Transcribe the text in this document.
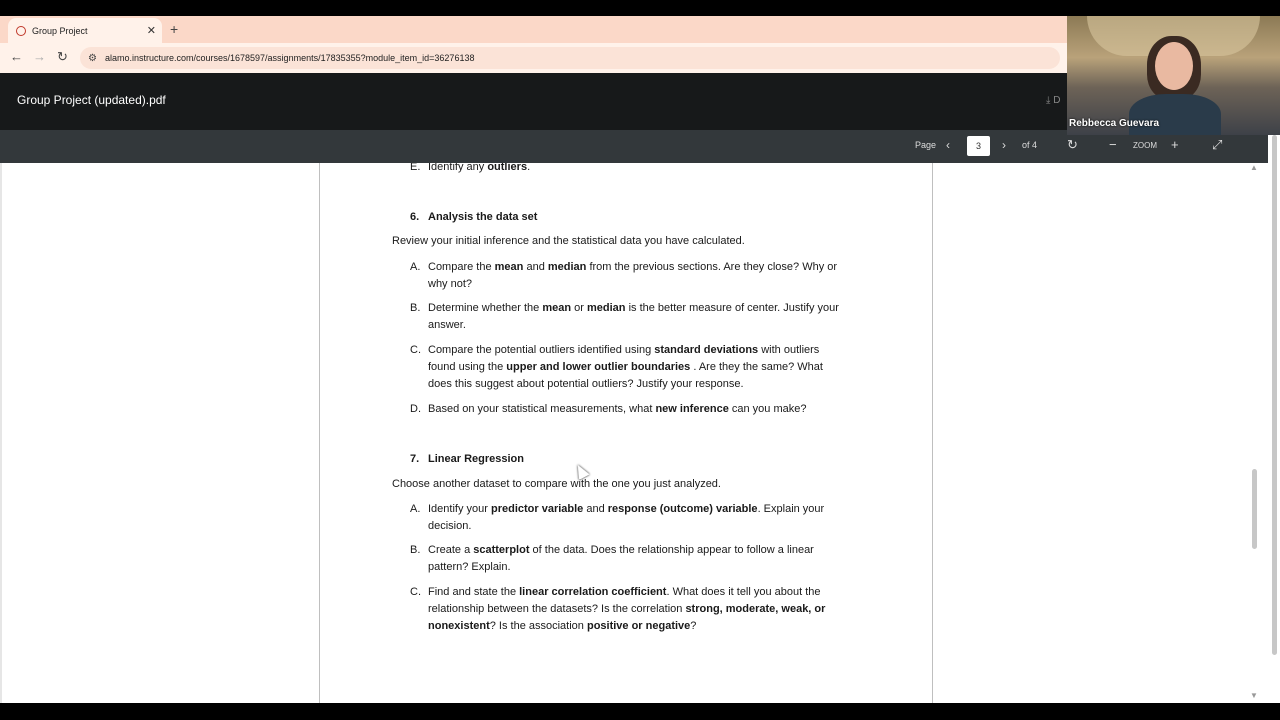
Group Project	✕ +
← → ↻ ⚙ alamo.instructure.com/courses/1678597/assignments/17835355?module_item_id=36276138
Group Project (updated).pdf	⤓ D
Page ‹	3	› of 4 ↻ − ZOOM +	⤢
E. Identify any outliers.
6. Analysis the data set
Review your initial inference and the statistical data you have calculated.
A. Compare the mean and median from the previous sections. Are they close? Why or
why not?
B. Determine whether the mean or median is the better measure of center. Justify your
answer.
C. Compare the potential outliers identified using standard deviations with outliers
found using the upper and lower outlier boundaries . Are they the same? What
does this suggest about potential outliers? Justify your response.
D. Based on your statistical measurements, what new inference can you make?
7. Linear Regression
Choose another dataset to compare with the one you just analyzed.
A. Identify your predictor variable and response (outcome) variable. Explain your
decision.
B. Create a scatterplot of the data. Does the relationship appear to follow a linear
pattern? Explain.
C. Find and state the linear correlation coefficient. What does it tell you about the
relationship between the datasets? Is the correlation strong, moderate, weak, or
nonexistent? Is the association positive or negative?
▲
▼
Rebbecca Guevara
